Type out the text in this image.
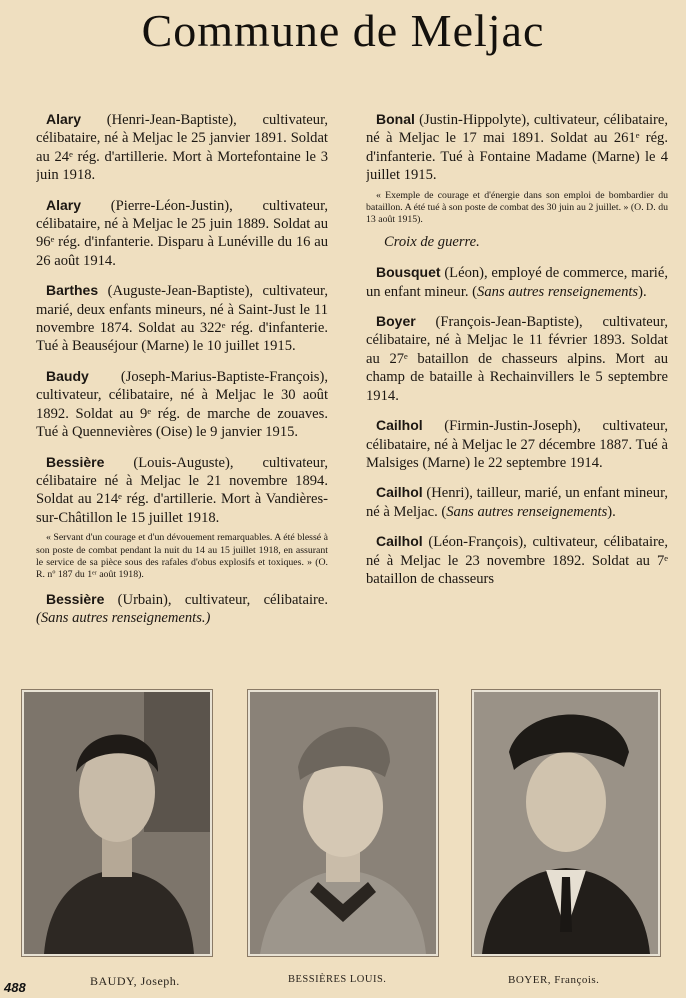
Commune de Meljac

Alary (Henri-Jean-Baptiste), cultivateur, célibataire, né à Meljac le 25 janvier 1891. Soldat au 24ᵉ rég. d'artillerie. Mort à Mortefontaine le 3 juin 1918.

Alary (Pierre-Léon-Justin), cultivateur, célibataire, né à Meljac le 25 juin 1889. Soldat au 96ᵉ rég. d'infanterie. Disparu à Lunéville du 16 au 26 août 1914.

Barthes (Auguste-Jean-Baptiste), cultivateur, marié, deux enfants mineurs, né à Saint-Just le 11 novembre 1874. Soldat au 322ᵉ rég. d'infanterie. Tué à Beauséjour (Marne) le 10 juillet 1915.

Baudy (Joseph-Marius-Baptiste-François), cultivateur, célibataire, né à Meljac le 30 août 1892. Soldat au 9ᵉ rég. de marche de zouaves. Tué à Quennevières (Oise) le 9 janvier 1915.

Bessière (Louis-Auguste), cultivateur, célibataire né à Meljac le 21 novembre 1894. Soldat au 214ᵉ rég. d'artillerie. Mort à Vandières-sur-Châtillon le 15 juillet 1918.

« Servant d'un courage et d'un dévouement remarquables. A été blessé à son poste de combat pendant la nuit du 14 au 15 juillet 1918, en assurant le service de sa pièce sous des rafales d'obus explosifs et toxiques. » (O. R. nº 187 du 1ᵉʳ août 1918).

Bessière (Urbain), cultivateur, célibataire. (Sans autres renseignements.)

Bonal (Justin-Hippolyte), cultivateur, célibataire, né à Meljac le 17 mai 1891. Soldat au 261ᵉ rég. d'infanterie. Tué à Fontaine Madame (Marne) le 4 juillet 1915.

« Exemple de courage et d'énergie dans son emploi de bombardier du bataillon. A été tué à son poste de combat des 30 juin au 2 juillet. » (O. D. du 13 août 1915).

Croix de guerre.

Bousquet (Léon), employé de commerce, marié, un enfant mineur. (Sans autres renseignements).

Boyer (François-Jean-Baptiste), cultivateur, célibataire, né à Meljac le 11 février 1893. Soldat au 27ᵉ bataillon de chasseurs alpins. Mort au champ de bataille à Rechainvillers le 5 septembre 1914.

Cailhol (Firmin-Justin-Joseph), cultivateur, célibataire, né à Meljac le 27 décembre 1887. Tué à Malsiges (Marne) le 22 septembre 1914.

Cailhol (Henri), tailleur, marié, un enfant mineur, né à Meljac. (Sans autres renseignements).

Cailhol (Léon-François), cultivateur, célibataire, né à Meljac le 23 novembre 1892. Soldat au 7ᵉ bataillon de chasseurs

BAUDY, Joseph.	BESSIÈRES LOUIS.	BOYER, François.
488
